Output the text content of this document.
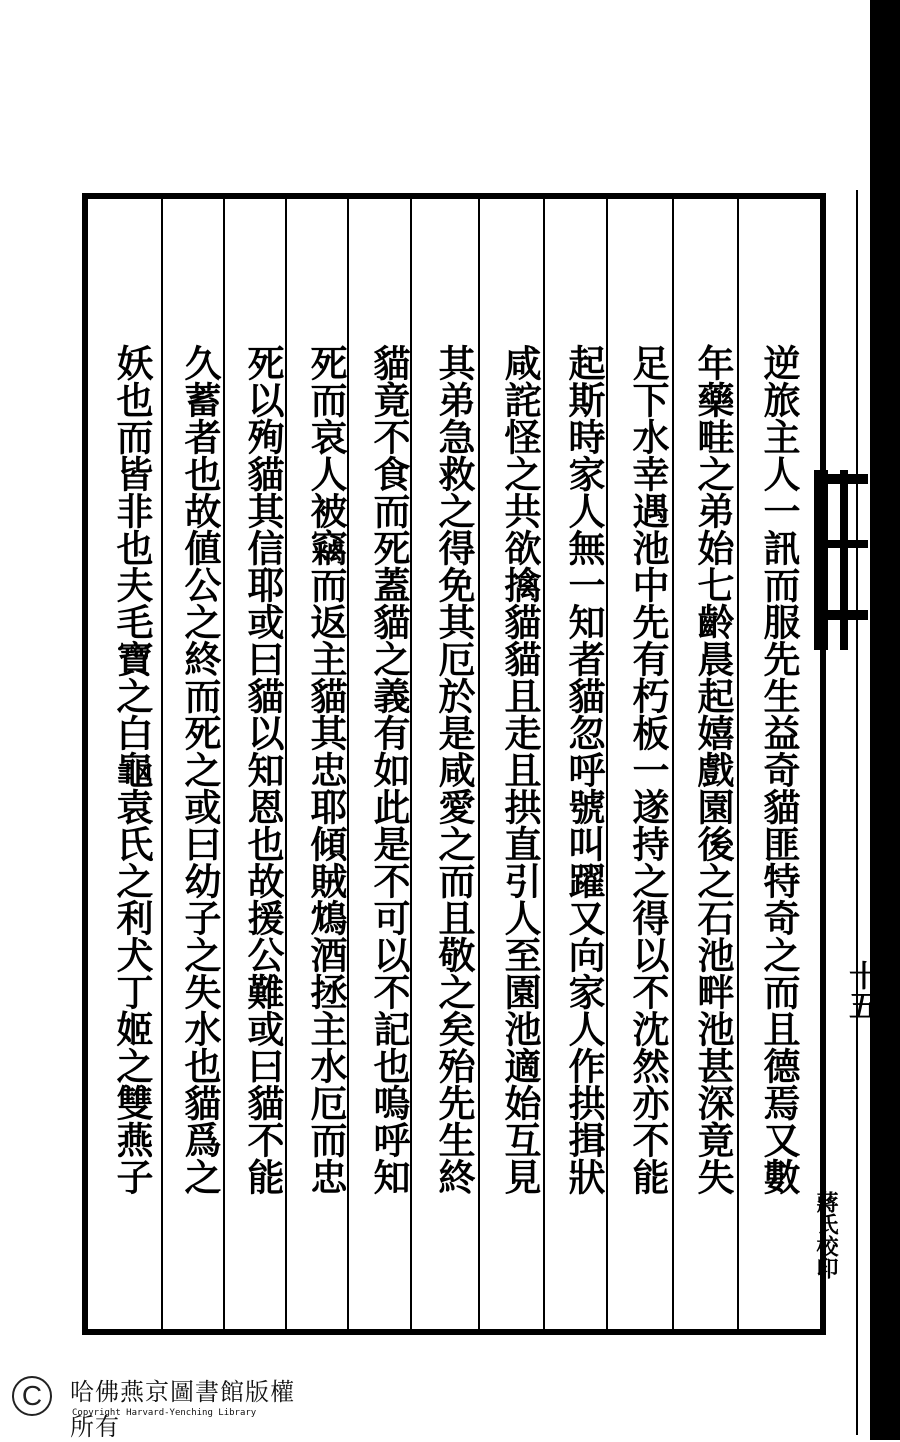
逆旅主人一訊而服先生益奇貓匪特奇之而且德焉又數
年藥畦之弟始七齡晨起嬉戲園後之石池畔池甚深竟失
足下水幸遇池中先有朽板一遂持之得以不沈然亦不能
起斯時家人無一知者貓忽呼號叫躍又向家人作拱揖狀
咸詫怪之共欲擒貓貓且走且拱直引人至園池適始互見
其弟急救之得免其厄於是咸愛之而且敬之矣殆先生終
貓竟不食而死蓋貓之義有如此是不可以不記也嗚呼知
死而哀人被竊而返主貓其忠耶傾賊鴆酒拯主水厄而忠
死以殉貓其信耶或曰貓以知恩也故援公難或曰貓不能
久蓄者也故値公之終而死之或曰幼子之失水也貓爲之
妖也而皆非也夫毛寶之白龜袁氏之利犬丁姬之雙燕子	十五
蔣氏校印
C	哈佛燕京圖書館版權所有
Copyright Harvard-Yenching Library
